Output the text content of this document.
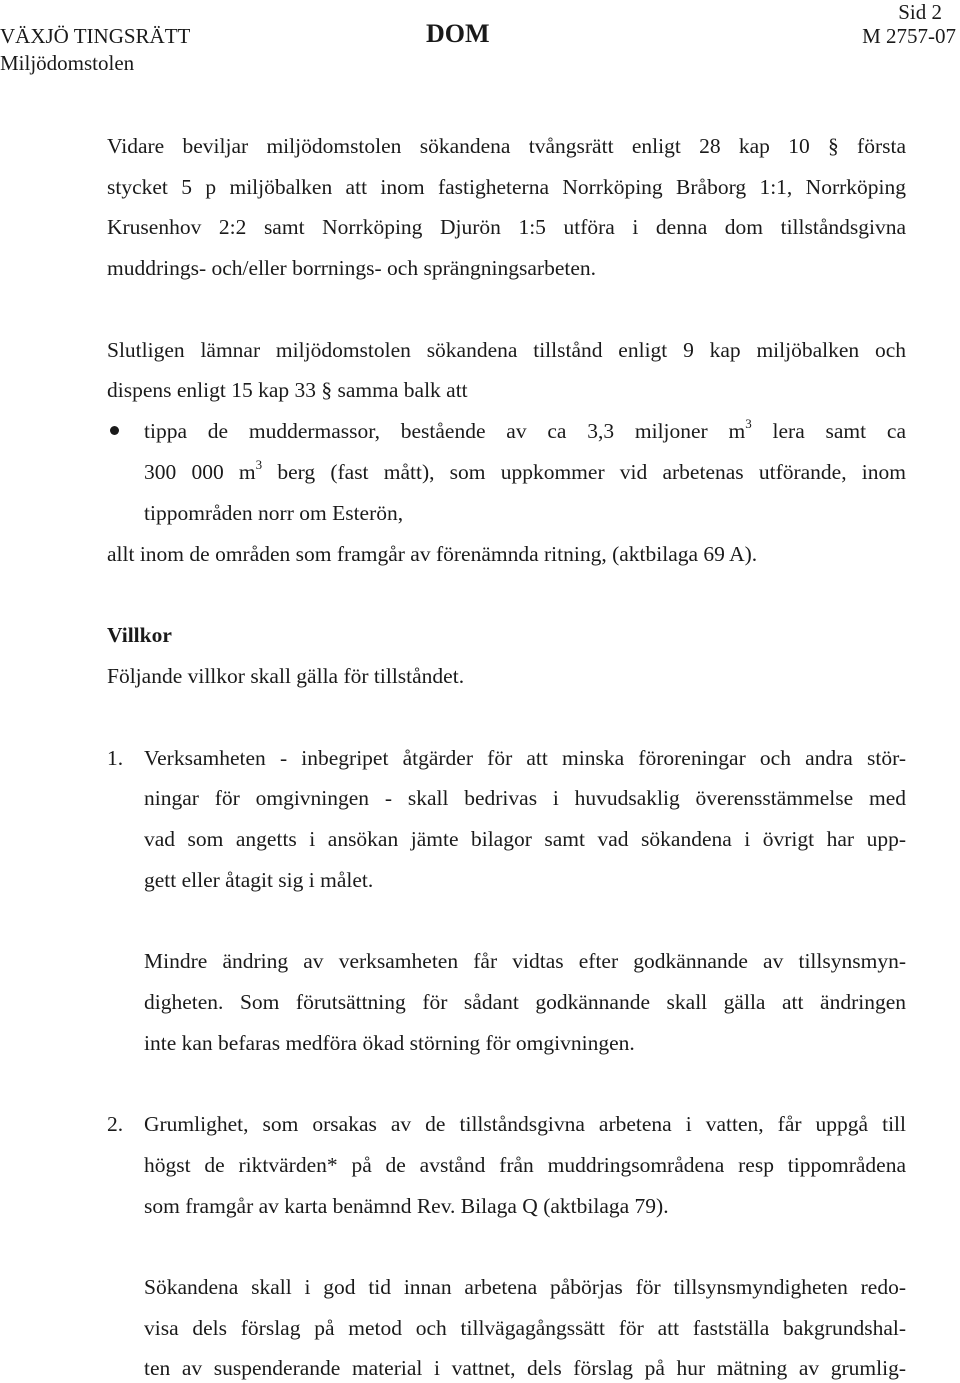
VÄXJÖ TINGSRÄTT
Miljödomstolen
DOM
Sid 2
M 2757-07
Vidare beviljar miljödomstolen sökandena tvångsrätt enligt 28 kap 10 § första
stycket 5 p miljöbalken att inom fastigheterna Norrköping Bråborg 1:1, Norrköping
Krusenhov 2:2 samt Norrköping Djurön 1:5 utföra i denna dom tillståndsgivna
muddrings- och/eller borrnings- och sprängningsarbeten.
Slutligen lämnar miljödomstolen sökandena tillstånd enligt 9 kap miljöbalken och
dispens enligt 15 kap 33 § samma balk att
tippa de muddermassor, bestående av ca 3,3 miljoner $m^3$ lera samt ca
300 000 $m^3$ berg (fast mått), som uppkommer vid arbetenas utförande, inom
tippområden norr om Esterön,
allt inom de områden som framgår av förenämnda ritning, (aktbilaga 69 A).
Villkor
Följande villkor skall gälla för tillståndet.
1. Verksamheten - inbegripet åtgärder för att minska föroreningar och andra stör-
ningar för omgivningen - skall bedrivas i huvudsaklig överensstämmelse med
vad som angetts i ansökan jämte bilagor samt vad sökandena i övrigt har upp-
gett eller åtagit sig i målet.
Mindre ändring av verksamheten får vidtas efter godkännande av tillsynsmyn-
digheten. Som förutsättning för sådant godkännande skall gälla att ändringen
inte kan befaras medföra ökad störning för omgivningen.
2. Grumlighet, som orsakas av de tillståndsgivna arbetena i vatten, får uppgå till
högst de riktvärden* på de avstånd från muddringsområdena resp tippområdena
som framgår av karta benämnd Rev. Bilaga Q (aktbilaga 79).
Sökandena skall i god tid innan arbetena påbörjas för tillsynsmyndigheten redo-
visa dels förslag på metod och tillvägagångssätt för att fastställa bakgrundshal-
ten av suspenderande material i vattnet, dels förslag på hur mätning av grumlig-
